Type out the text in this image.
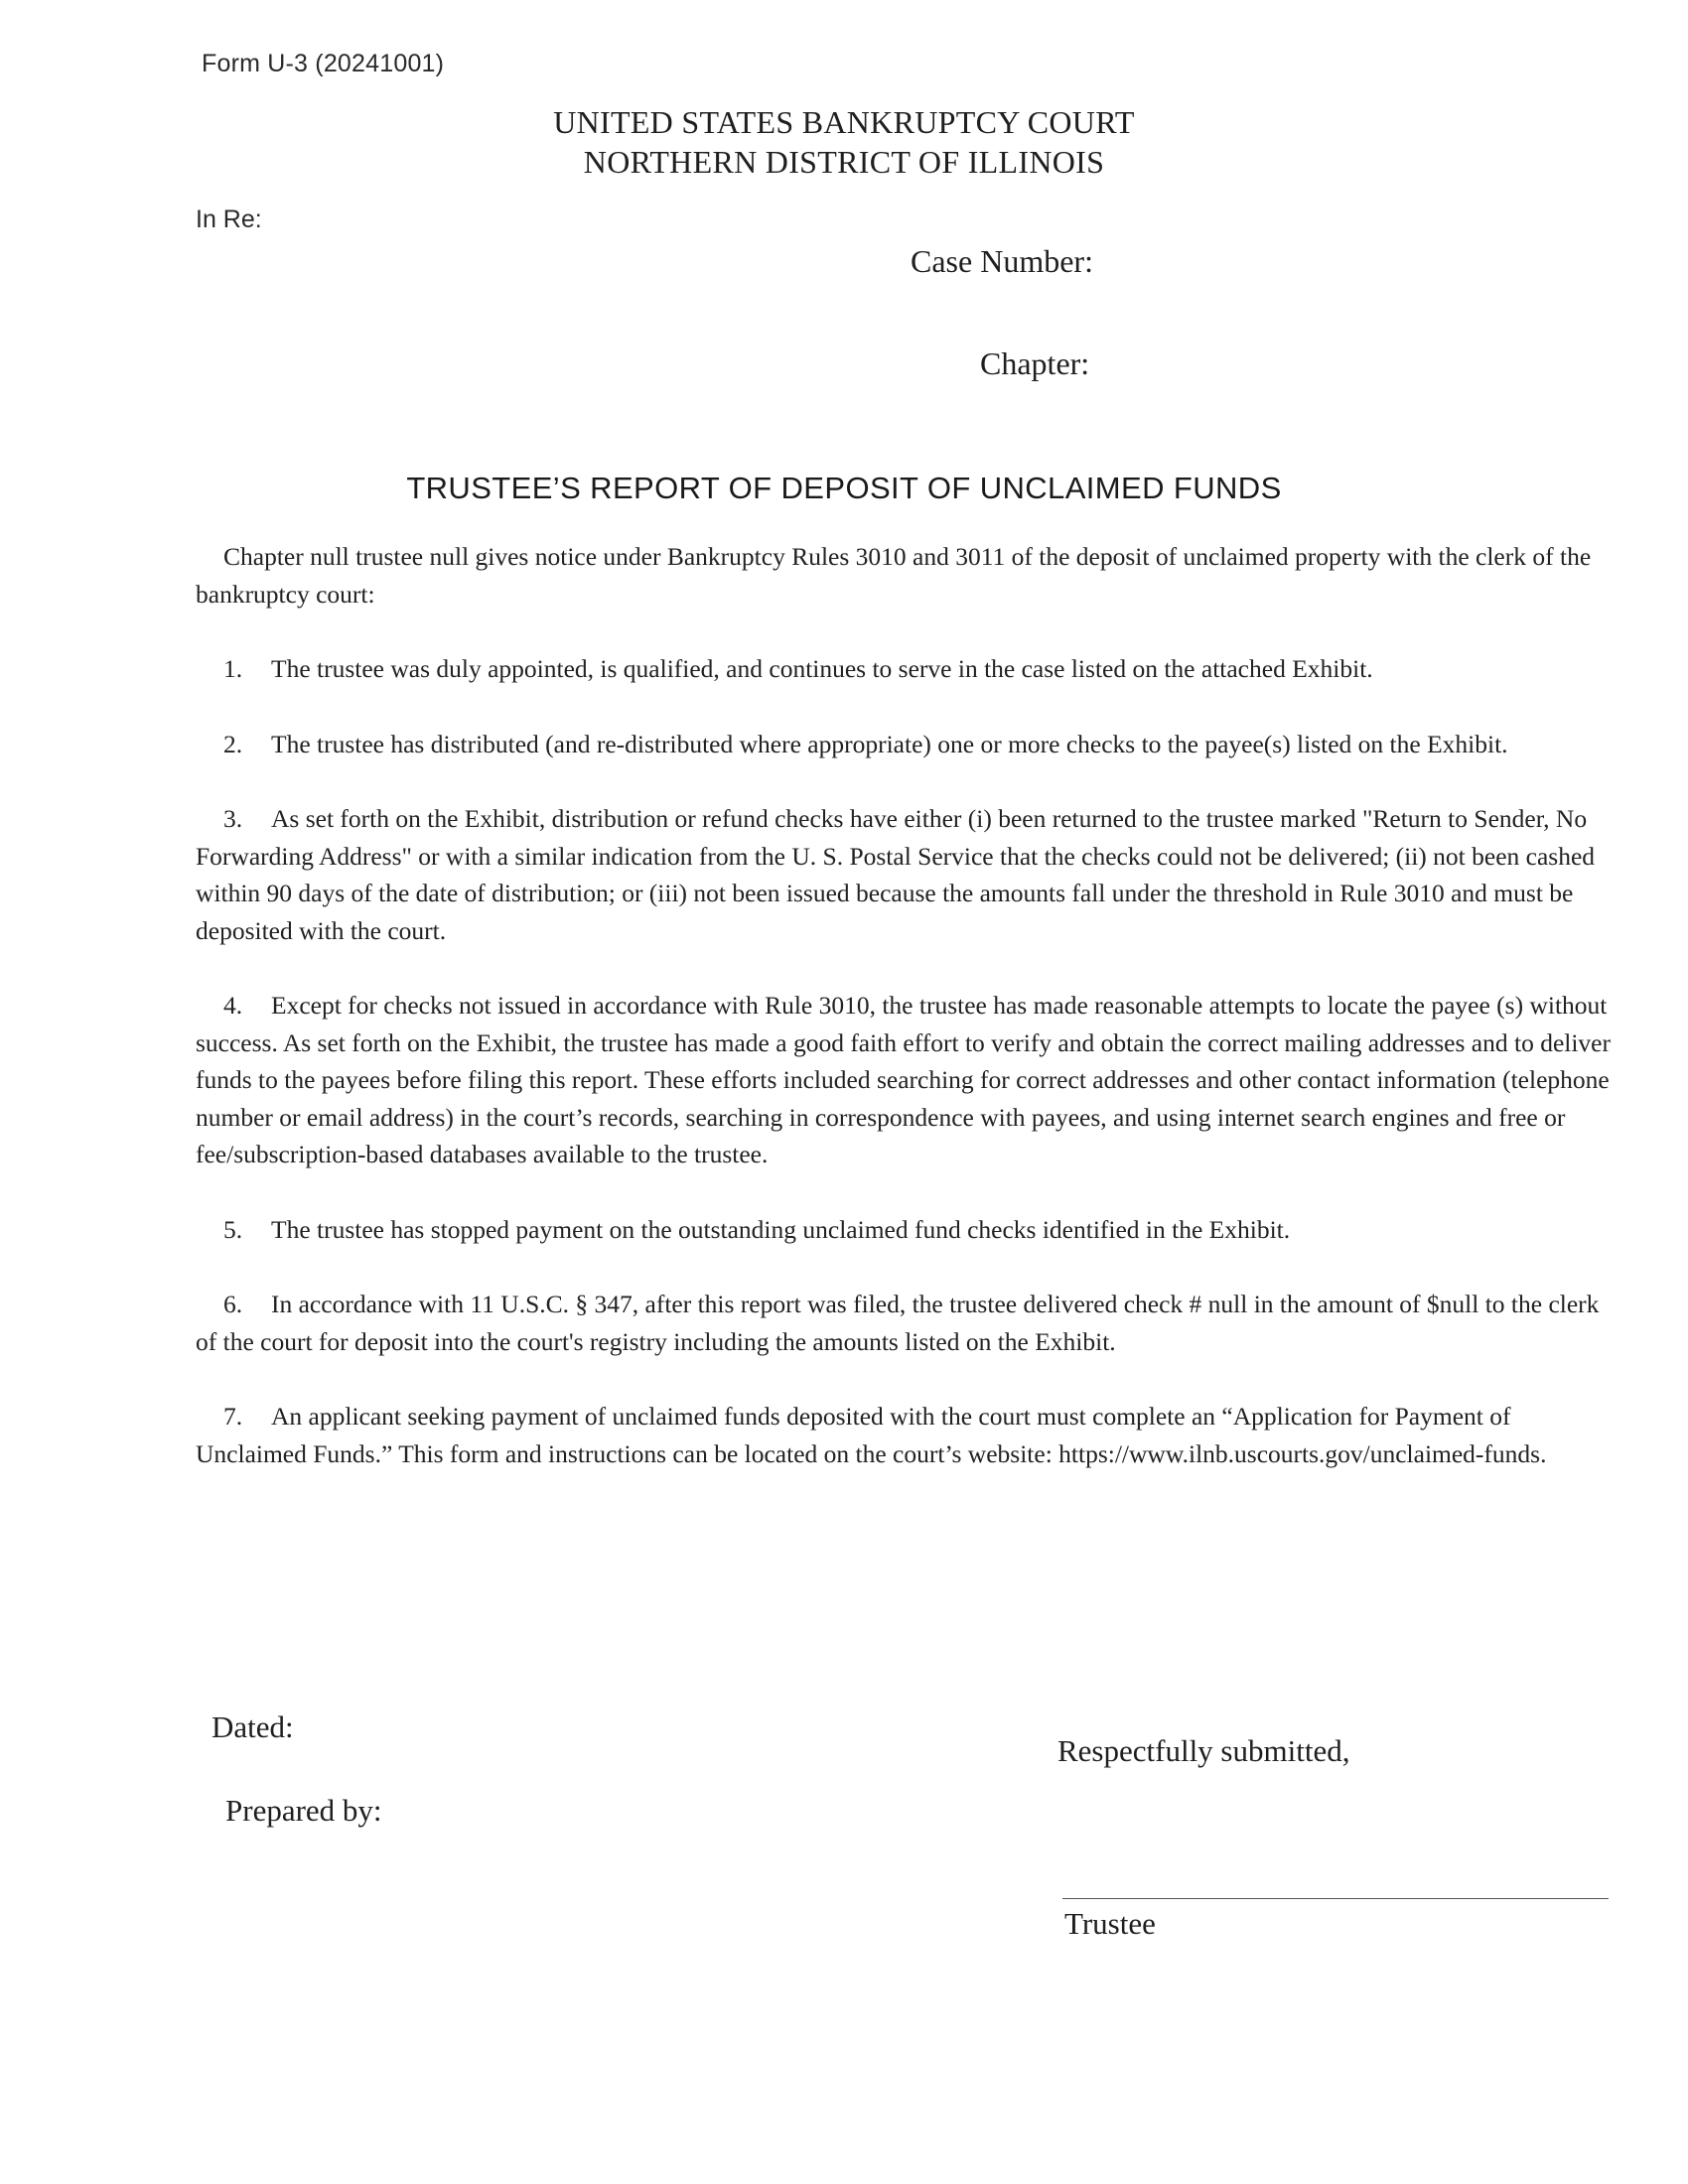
Form U-3 (20241001)
UNITED STATES BANKRUPTCY COURT
NORTHERN DISTRICT OF ILLINOIS
In Re:
Case Number:
Chapter:
TRUSTEE’S REPORT OF DEPOSIT OF UNCLAIMED FUNDS

Chapter null trustee null gives notice under Bankruptcy Rules 3010 and 3011 of the deposit of unclaimed property with the clerk of the bankruptcy court:

1. The trustee was duly appointed, is qualified, and continues to serve in the case listed on the attached Exhibit.

2. The trustee has distributed (and re-distributed where appropriate) one or more checks to the payee(s) listed on the Exhibit.

3. As set forth on the Exhibit, distribution or refund checks have either (i) been returned to the trustee marked "Return to Sender, No Forwarding Address" or with a similar indication from the U. S. Postal Service that the checks could not be delivered; (ii) not been cashed within 90 days of the date of distribution; or (iii) not been issued because the amounts fall under the threshold in Rule 3010 and must be deposited with the court.

4. Except for checks not issued in accordance with Rule 3010, the trustee has made reasonable attempts to locate the payee (s) without success. As set forth on the Exhibit, the trustee has made a good faith effort to verify and obtain the correct mailing addresses and to deliver funds to the payees before filing this report. These efforts included searching for correct addresses and other contact information (telephone number or email address) in the court’s records, searching in correspondence with payees, and using internet search engines and free or fee/subscription-based databases available to the trustee.

5. The trustee has stopped payment on the outstanding unclaimed fund checks identified in the Exhibit.

6. In accordance with 11 U.S.C. § 347, after this report was filed, the trustee delivered check # null in the amount of $null to the clerk of the court for deposit into the court's registry including the amounts listed on the Exhibit.

7. An applicant seeking payment of unclaimed funds deposited with the court must complete an “Application for Payment of Unclaimed Funds.” This form and instructions can be located on the court’s website: https://www.ilnb.uscourts.gov/unclaimed-funds.

Dated:
Respectfully submitted,
Prepared by:
Trustee
